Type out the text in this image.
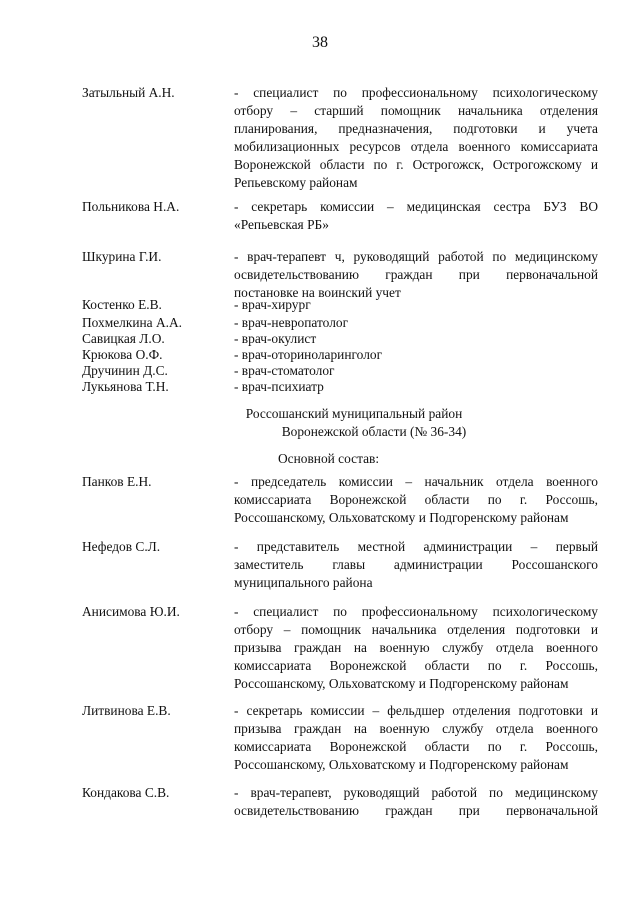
38
Затыльный А.Н.	- специалист по профессиональному психологическому
отбору – старший помощник начальника отделения
планирования, предназначения, подготовки и учета
мобилизационных ресурсов отдела военного комиссариата
Воронежской области по г. Острогожск, Острогожскому и
Репьевскому районам
Польникова Н.А.	- секретарь комиссии – медицинская сестра БУЗ ВО
«Репьевская РБ»
Шкурина Г.И.	- врач-терапевт ч, руководящий работой по медицинскому
освидетельствованию граждан при первоначальной
постановке на воинский учет
Костенко Е.В.	- врач-хирург
Похмелкина А.А.	- врач-невропатолог
Савицкая Л.О.	- врач-окулист
Крюкова О.Ф.	- врач-оториноларинголог
Дручинин Д.С.	- врач-стоматолог
Лукьянова Т.Н.	- врач-психиатр
Россошанский муниципальный район
Воронежской области (№ 36-34)
Основной состав:
Панков Е.Н.	- председатель комиссии – начальник отдела военного
комиссариата Воронежской области по г. Россошь,
Россошанскому, Ольховатскому и Подгоренскому районам
Нефедов С.Л.	- представитель местной администрации – первый
заместитель главы администрации Россошанского
муниципального района
Анисимова Ю.И.	- специалист по профессиональному психологическому
отбору – помощник начальника отделения подготовки и
призыва граждан на военную службу отдела военного
комиссариата Воронежской области по г. Россошь,
Россошанскому, Ольховатскому и Подгоренскому районам
Литвинова Е.В.	- секретарь комиссии – фельдшер отделения подготовки и
призыва граждан на военную службу отдела военного
комиссариата Воронежской области по г. Россошь,
Россошанскому, Ольховатскому и Подгоренскому районам
Кондакова С.В.	- врач-терапевт, руководящий работой по медицинскому
освидетельствованию граждан при первоначальной
